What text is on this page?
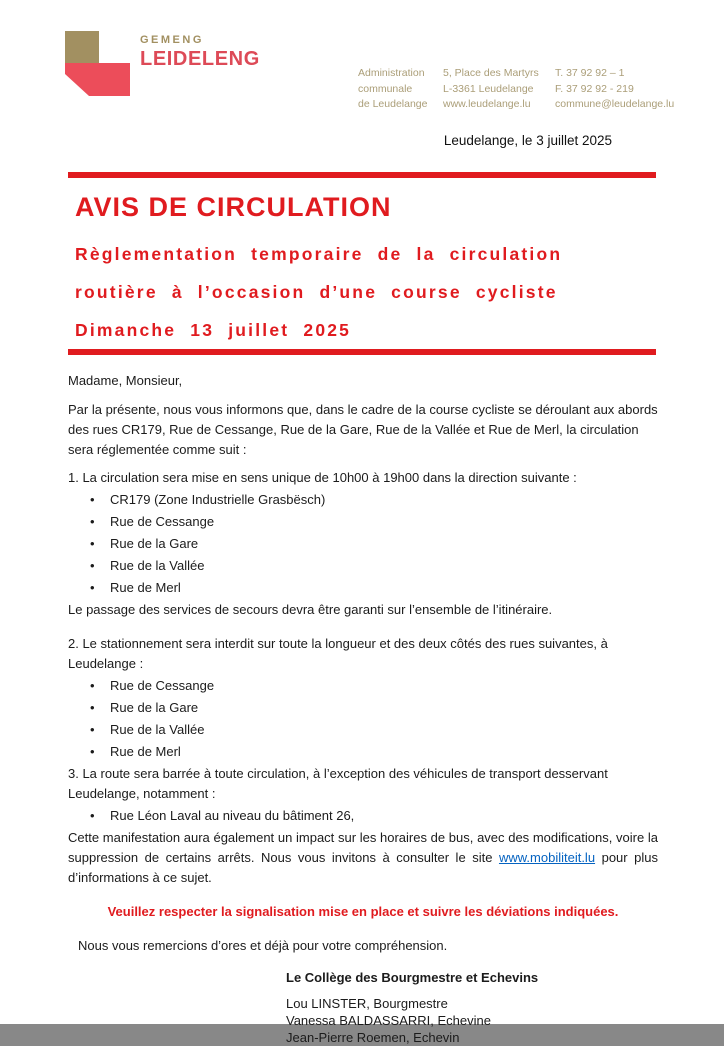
GEMENG
LEIDELENG
Administration
communale
de Leudelange
5, Place des Martyrs
L-3361 Leudelange
www.leudelange.lu
T. 37 92 92 – 1
F. 37 92 92 - 219
commune@leudelange.lu
Leudelange, le 3 juillet 2025
AVIS DE CIRCULATION
Règlementation temporaire de la circulation
routière à l’occasion d’une course cycliste
Dimanche 13 juillet 2025

Madame, Monsieur,

Par la présente, nous vous informons que, dans le cadre de la course cycliste se déroulant aux abords des rues CR179, Rue de Cessange, Rue de la Gare, Rue de la Vallée et Rue de Merl, la circulation sera réglementée comme suit :

1. La circulation sera mise en sens unique de 10h00 à 19h00 dans la direction suivante :

• CR179 (Zone Industrielle Grasbësch)
• Rue de Cessange
• Rue de la Gare
• Rue de la Vallée
• Rue de Merl

Le passage des services de secours devra être garanti sur l’ensemble de l’itinéraire.

2. Le stationnement sera interdit sur toute la longueur et des deux côtés des rues suivantes, à Leudelange :

• Rue de Cessange
• Rue de la Gare
• Rue de la Vallée
• Rue de Merl

3. La route sera barrée à toute circulation, à l’exception des véhicules de transport desservant Leudelange, notamment :

• Rue Léon Laval au niveau du bâtiment 26,

Cette manifestation aura également un impact sur les horaires de bus, avec des modifications, voire la suppression de certains arrêts. Nous vous invitons à consulter le site www.mobiliteit.lu pour plus d’informations à ce sujet.

Veuillez respecter la signalisation mise en place et suivre les déviations indiquées.

Nous vous remercions d’ores et déjà pour votre compréhension.

Le Collège des Bourgmestre et Echevins
Lou LINSTER, Bourgmestre
Vanessa BALDASSARRI, Echevine
Jean-Pierre Roemen, Echevin
